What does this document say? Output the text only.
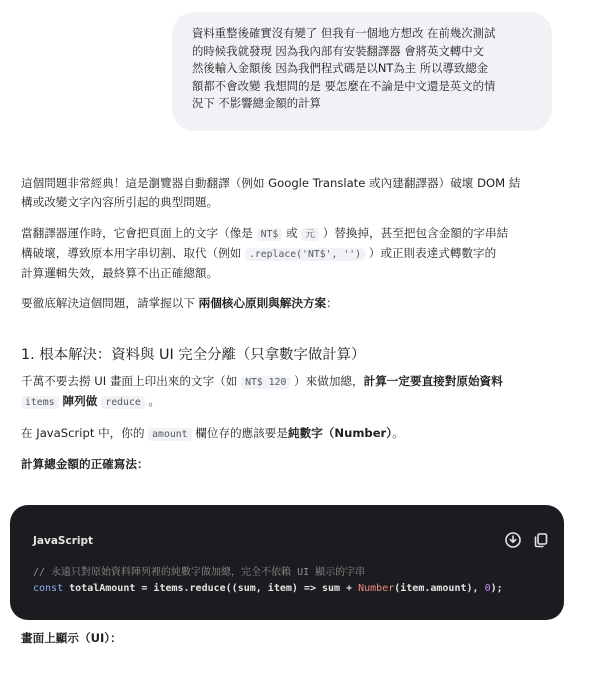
資料重整後確實沒有變了 但我有一個地方想改 在前幾次測試
的時候我就發現 因為我內部有安裝翻譯器 會將英文轉中文
然後輸入金額後 因為我們程式碼是以NT為主 所以導致總金
額都不會改變 我想問的是 要怎麼在不論是中文還是英文的情
況下 不影響總金額的計算
這個問題非常經典！這是瀏覽器自動翻譯（例如 Google Translate 或內建翻譯器）破壞 DOM 結
構或改變文字內容所引起的典型問題。
當翻譯器運作時，它會把頁面上的文字（像是 NT$ 或 元 ）替換掉，甚至把包含金額的字串結
構破壞，導致原本用字串切割、取代（例如 .replace('NT$', '') ）或正則表達式轉數字的
計算邏輯失效，最終算不出正確總額。
要徹底解決這個問題，請掌握以下 兩個核心原則與解決方案：
1. 根本解決：資料與 UI 完全分離（只拿數字做計算）
千萬不要去撈 UI 畫面上印出來的文字（如 NT$ 120 ）來做加總，計算一定要直接對原始資料
items 陣列做 reduce 。
在 JavaScript 中，你的 amount 欄位存的應該要是純數字（Number）。
計算總金額的正確寫法：
JavaScript
// 永遠只對原始資料陣列裡的純數字做加總，完全不依賴 UI 顯示的字串
const totalAmount = items.reduce((sum, item) => sum + Number(item.amount), 0);
畫面上顯示（UI）：
